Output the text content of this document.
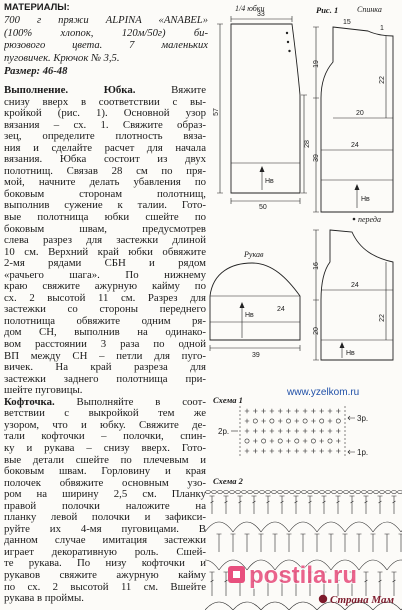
МАТЕРИАЛЫ:
700 г пряжи ALPINA «ANABEL»
(100% хлопок, 120м/50г) би-
рюзового цвета. 7 маленьких
пуговичек. Крючок № 3,5.
Размер: 46-48
Выполнение. Юбка. Вяжите
снизу вверх в соответствии с вы-
кройкой (рис. 1). Основной узор
вязания – сх. 1. Свяжите образ-
зец, определите плотность вяза-
ния и сделайте расчет для начала
вязания. Юбка состоит из двух
полотнищ. Связав 28 см по пря-
мой, начните делать убавления по
боковым сторонам полотнищ,
выполнив сужение к талии. Гото-
вые полотнища юбки сшейте по
боковым швам, предусмотрев
слева разрез для застежки длиной
10 см. Верхний край юбки обвяжите
2-мя рядами СБН и рядом
«рачьего шага». По нижнему
краю свяжите ажурную кайму по
сх. 2 высотой 11 см. Разрез для
застежки со стороны переднего
полотнища обвяжите одним ря-
дом СН, выполнив на одинако-
вом расстоянии 3 раза по одной
ВП между СН – петли для пуго-
вичек. На край разреза для
застежки заднего полотнища при-
шейте пуговицы.
Кофточка. Выполняйте в соот-
ветствии с выкройкой тем же
узором, что и юбку. Свяжите де-
тали кофточки – полочки, спин-
ку и рукава – снизу вверх. Гото-
вые детали сшейте по плечевым и
боковым швам. Горловину и края
полочек обвяжите основным узо-
ром на ширину 2,5 см. Планку
правой полочки наложите на
планку левой полочки и зафикси-
руйте их 4-мя пуговицами. В
данном случае имитация застежки
играет декоративную роль. Сшей-
те рукава. По низу кофточки и
рукавов свяжите ажурную кайму
по сх. 2 высотой 11 см. Вшейте
рукава в проймы.
1/4 юбки
33
Нв
57
28
50
Рис. 1 Спинка
15
1
19
39
20
22
24
Нв
переда
24
22
16
20
Нв
Рукав
Нв
24
39
www.yzelkom.ru
Схема 1
2р.
3р.
1р.
Схема 2
postila.ru
Страна Мам
